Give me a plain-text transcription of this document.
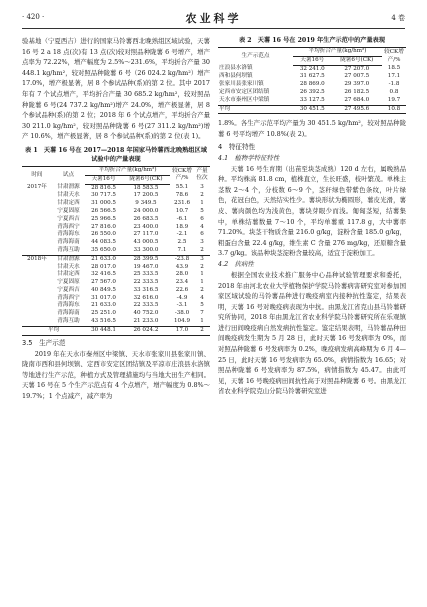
· 420 ·	农业科学	4 卷

验基地（宁夏西吉）进行的国家马铃薯西北晚熟组区域试验，天薯 16 号 2 a 18 点(次)有 13 点(次)较对照品种陇薯 6 号增产，增产点率为 72.22%，增产幅度为 2.5%～231.6%，平均折合产量 30 448.1 kg/hm²，较对照品种陇薯 6 号（26 024.2 kg/hm²）增产 17.0%，增产极显著，居 8 个参试品种(系)的第 2 位。其中 2017 年有 7 个试点增产，平均折合产量 30 685.2 kg/hm²，较对照品种陇薯 6 号(24 737.2 kg/hm²)增产 24.0%，增产极显著，居 8 个参试品种(系)的第 2 位；2018 年 6 个试点增产，平均折合产量 30 211.0 kg/hm²，较对照品种陇薯 6 号(27 311.2 kg/hm²)增产 10.6%，增产极显著，居 8 个参试品种(系)的第 2 位(表 1)。

表 1　天薯 16 号在 2017—2018 年国家马铃薯西北晚熟组区域试验中的产量表现
时间	试点	平均折合产量(kg/hm²)		较CK增产/%	产量位次
		天薯16号	陇薯6号(CK)		
2017年	甘肃渭源	28 816.5	18 583.5	55.1	3
	甘肃天水	30 717.5	17 200.5	78.6	2
	甘肃定西	31 000.5	9 349.5	231.6	1
	宁夏固原	26 566.5	24 000.0	10.7	5
	宁夏西吉	25 966.5	26 683.5	-6.1	6
	青海西宁	27 816.0	23 400.0	18.9	4
	青海海东	26 550.0	27 117.0	-2.1	6
	青海海南	44 083.5	43 000.5	2.5	3
	青海互助	35 650.0	33 300.0	7.1	2
2018年	甘肃渭源	21 633.0	28 399.5	-23.8	3
	甘肃天水	28 017.0	19 467.0	43.9	2
	甘肃定西	32 416.5	25 333.5	28.0	1
	宁夏固原	27 567.0	22 333.5	23.4	1
	宁夏西吉	40 849.5	33 316.5	22.6	2
	青海西宁	31 017.0	32 616.0	-4.9	4
	青海海东	21 633.0	22 333.5	-3.1	5
	青海海南	25 251.0	40 752.0	-38.0	7
	青海互助	43 516.5	21 233.0	104.9	1
平均		30 448.1	26 024.2	17.0	2
3.5　生产示范

2019 年在天水市秦州区中梁镇、天水市张家川县张家川镇、陇南市西和县何坝镇、定西市安定区团结镇及平凉市庄浪县水洛镇等地进行生产示范，种植方式及管理措施均与当地大田生产相同。天薯 16 号在 5 个生产示范点有 4 个点增产，增产幅度为 0.8%～19.7%；1 个点减产，减产率为

表 2　天薯 16 号在 2019 年生产示范中的产量表现
生产示范点	平均折合产量(kg/hm²)		较CK增产/%
	天薯16号	陇薯6号(CK)	
庄浪县水洛镇	32 241.0	27 207.0	18.5
西和县何坝镇	31 627.5	27 007.5	17.1
张家川县张家川镇	28 869.0	29 397.0	-1.8
定西市安定区团结镇	26 392.5	26 182.5	0.8
天水市秦州区中梁镇	33 127.5	27 684.0	19.7
平均	30 451.5	27 495.6	10.8

1.8%。各生产示范平均产量为 30 451.5 kg/hm²，较对照品种陇薯 6 号平均增产 10.8%(表 2)。

4　特征特性
4.1　植物学特征特性

天薯 16 号生育期（出苗至块茎成熟）120 d 左右，属晚熟品种。平均株高 81.8 cm，植株直立，生长旺盛，枝叶繁茂。单株主茎数 2～4 个，分枝数 6～9 个，茎秆绿色带紫色条纹，叶片绿色，花冠白色，天然结实性少。薯块形状为椭圆形，薯皮光滑，薯皮、薯肉颜色均为浅黄色，薯块芽眼少而浅。匍匐茎短，结薯集中，单株结薯数量 7～10 个，平均单薯重 117.8 g，大中薯率 71.20%。块茎干物质含量 216.0 g/kg，淀粉含量 185.0 g/kg，粗蛋白含量 22.4 g/kg，维生素 C 含量 276 mg/kg，还原糖含量 3.7 g/kg。该品种块茎淀粉含量较高，适宜于淀粉加工。

4.2　抗病性

根据全国农业技术推广服务中心品种试验管理要求和委托，2018 年由河北农业大学植物保护学院马铃薯病害研究室对参加国家区域试验的马铃薯品种进行晚疫病室内接种抗性鉴定，结果表明，天薯 16 号对晚疫病表现为中抗。由黑龙江省克山县马铃薯研究所协同，2018 年由黑龙江省农业科学院马铃薯研究所在乐观镇进行田间晚疫病自然发病抗性鉴定。鉴定结果表明，马铃薯品种田间晚疫病发生期为 5 月 28 日，此时天薯 16 号发病率为 0%，而对照品种陇薯 6 号发病率为 0.2%，晚疫病发病高峰期为 6 月 4—25 日，此时天薯 16 号发病率为 65.0%，病情指数为 16.65；对照品种陇薯 6 号发病率为 87.5%，病情指数为 45.47。由此可见，天薯 16 号晚疫病田间抗性高于对照品种陇薯 6 号。由黑龙江省农业科学院克山分院马铃薯研究室进
